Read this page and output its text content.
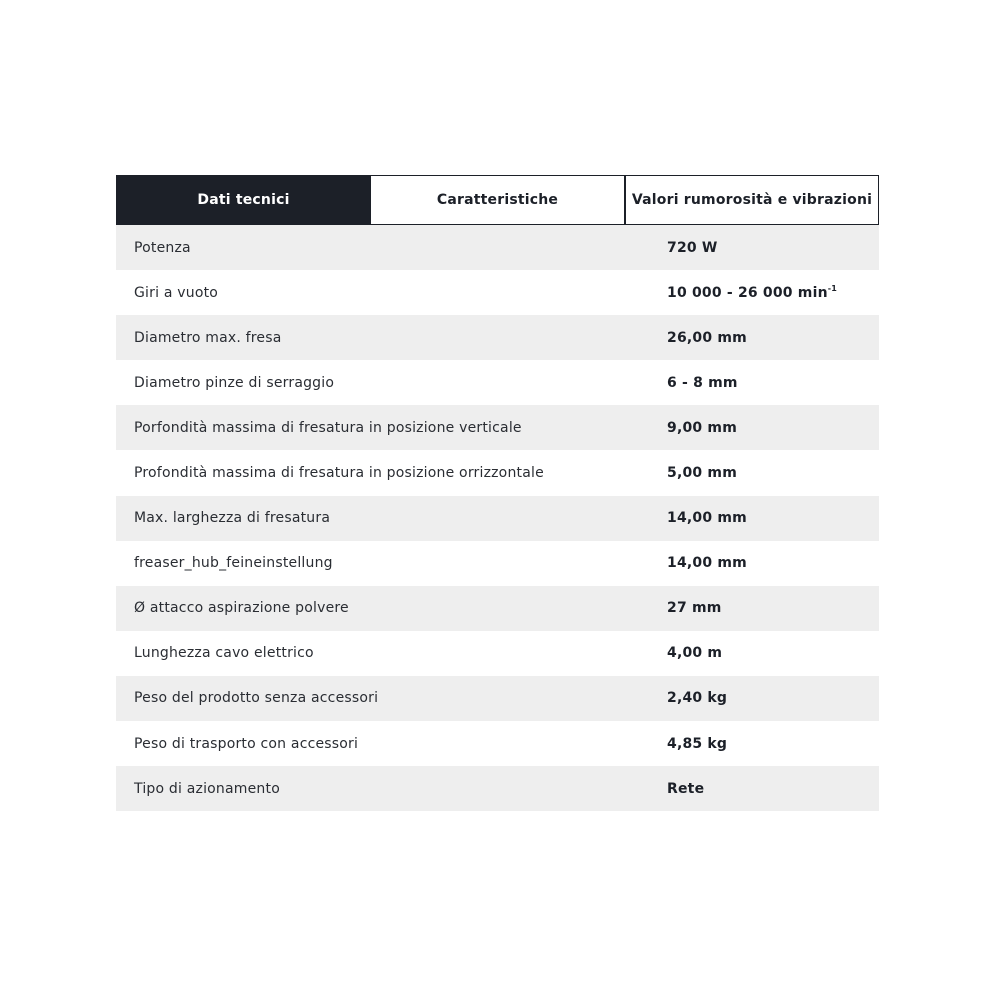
Dati tecnici	Caratteristiche	Valori rumorosità e vibrazioni
Potenza	720 W
Giri a vuoto	10 000 - 26 000 $\min^{-1}$
Diametro max. fresa	26,00 mm
Diametro pinze di serraggio	6 - 8 mm
Porfondità massima di fresatura in posizione verticale	9,00 mm
Profondità massima di fresatura in posizione orrizzontale	5,00 mm
Max. larghezza di fresatura	14,00 mm
freaser_hub_feineinstellung	14,00 mm
Ø attacco aspirazione polvere	27 mm
Lunghezza cavo elettrico	4,00 m
Peso del prodotto senza accessori	2,40 kg
Peso di trasporto con accessori	4,85 kg
Tipo di azionamento	Rete
